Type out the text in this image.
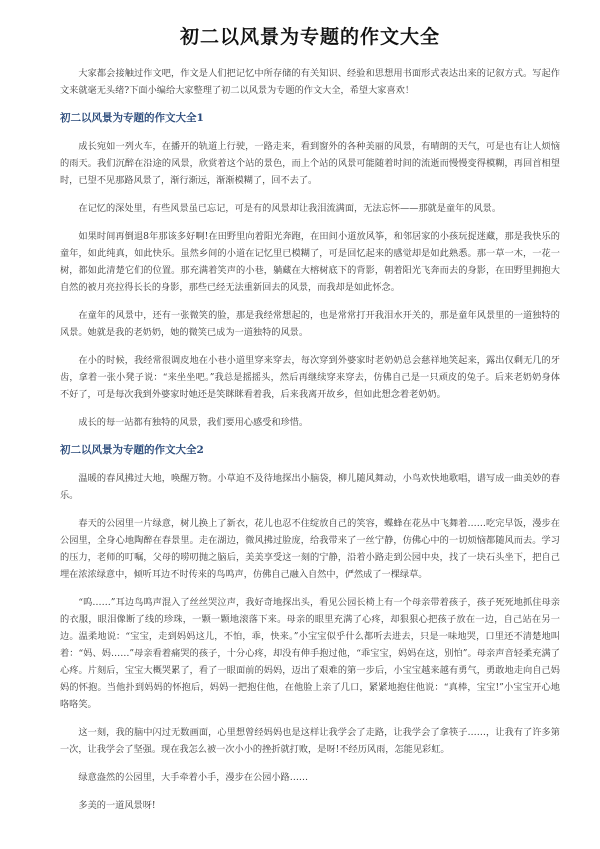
初二以风景为专题的作文大全

大家都会接触过作文吧，作文是人们把记忆中所存储的有关知识、经验和思想用书面形式表达出来的记叙方式。写起作文来就毫无头绪?下面小编给大家整理了初二以风景为专题的作文大全，希望大家喜欢！

初二以风景为专题的作文大全1

成长宛如一列火车，在播开的轨道上行驶，一路走来，看到窗外的各种美丽的风景，有晴朗的天气，可是也有让人烦恼的雨天。我们沉醉在沿途的风景，欣赏着这个站的景色，而上个站的风景可能随着时间的流逝而慢慢变得模糊，再回首相望时，已望不见那路风景了，渐行渐远，渐渐模糊了，回不去了。

在记忆的深处里，有些风景虽已忘记，可是有的风景却让我泪流满面，无法忘怀——那就是童年的风景。

如果时间再倒退8年那该多好啊!在田野里向着阳光奔跑，在田间小道放风筝，和邻居家的小孩玩捉迷藏，那是我快乐的童年，如此纯真，如此快乐。虽然乡间的小道在记忆里已模糊了，可是回忆起来的感觉却是如此熟悉。那一草一木，一花一树，都如此清楚它们的位置。那充满着笑声的小巷，躺藏在大榕树底下的背影，朝着阳光飞奔而去的身影，在田野里拥抱大自然的被月亮拉得长长的身影，那些已经无法重新回去的风景，而我却是如此怀念。

在童年的风景中，还有一张微笑的脸，那是我经常想起的，也是常常打开我泪水开关的，那是童年风景里的一道独特的风景。她就是我的老奶奶，她的微笑已成为一道独特的风景。

在小的时候，我经常很调皮地在小巷小道里穿来穿去，每次穿到外婆家时老奶奶总会慈祥地笑起来，露出仅剩无几的牙齿，拿着一张小凳子说：“来坐坐吧。”我总是摇摇头，然后再继续穿来穿去，仿佛自己是一只顽皮的兔子。后来老奶奶身体不好了，可是每次我到外婆家时她还是笑眯眯看着我，后来我离开故乡，但如此想念着老奶奶。

成长的每一站都有独特的风景，我们要用心感受和珍惜。

初二以风景为专题的作文大全2

温暖的春风拂过大地，唤醒万物。小草迫不及待地探出小脑袋，柳儿随风舞动，小鸟欢快地歌唱，谱写成一曲美妙的春乐。

春天的公园里一片绿意，树儿换上了新衣，花儿也忍不住绽放自己的笑容，蝶蜂在花丛中飞舞着……吃完早饭，漫步在公园里，全身心地陶醉在春景里。走在湖边，微风拂过脸庞，给我带来了一丝宁静，仿佛心中的一切烦恼都随风而去。学习的压力，老师的叮嘱，父母的唠叨抛之脑后，美美享受这一刻的宁静，沿着小路走到公园中央，找了一块石头坐下，把自己埋在浓浓绿意中，倾听耳边不时传来的鸟鸣声，仿佛自己融入自然中，俨然成了一棵绿草。

“呜……”耳边鸟鸣声混入了丝丝哭泣声，我好奇地探出头，看见公园长椅上有一个母亲带着孩子，孩子死死地抓住母亲的衣服，眼泪像断了线的珍珠，一颗一颗地滚落下来。母亲的眼里充满了心疼，却狠狠心把孩子放在一边，自己站在另一边。温柔地说：“宝宝，走到妈妈这儿，不怕，乖，快来。”小宝宝似乎什么都听去进去，只是一味地哭，口里还不清楚地叫着：“妈、妈……”母亲看着痛哭的孩子，十分心疼，却没有伸手抱过他，“乖宝宝，妈妈在这，别怕”。母亲声音轻柔充满了心疼。片刻后，宝宝大概哭累了，看了一眼面前的妈妈，迈出了艰难的第一步后，小宝宝越来越有勇气，勇敢地走向自己妈妈的怀抱。当他扑到妈妈的怀抱后，妈妈一把抱住他，在他脸上亲了几口，紧紧地抱住他说：“真棒，宝宝!”小宝宝开心地咯咯笑。

这一刻，我的脑中闪过无数画面，心里想曾经妈妈也是这样让我学会了走路，让我学会了拿筷子……，让我有了许多第一次，让我学会了坚强。现在我怎么被一次小小的挫折就打败，是呀!不经历风雨，怎能见彩虹。

绿意盎然的公园里，大手牵着小手，漫步在公园小路……

多美的一道风景呀!
